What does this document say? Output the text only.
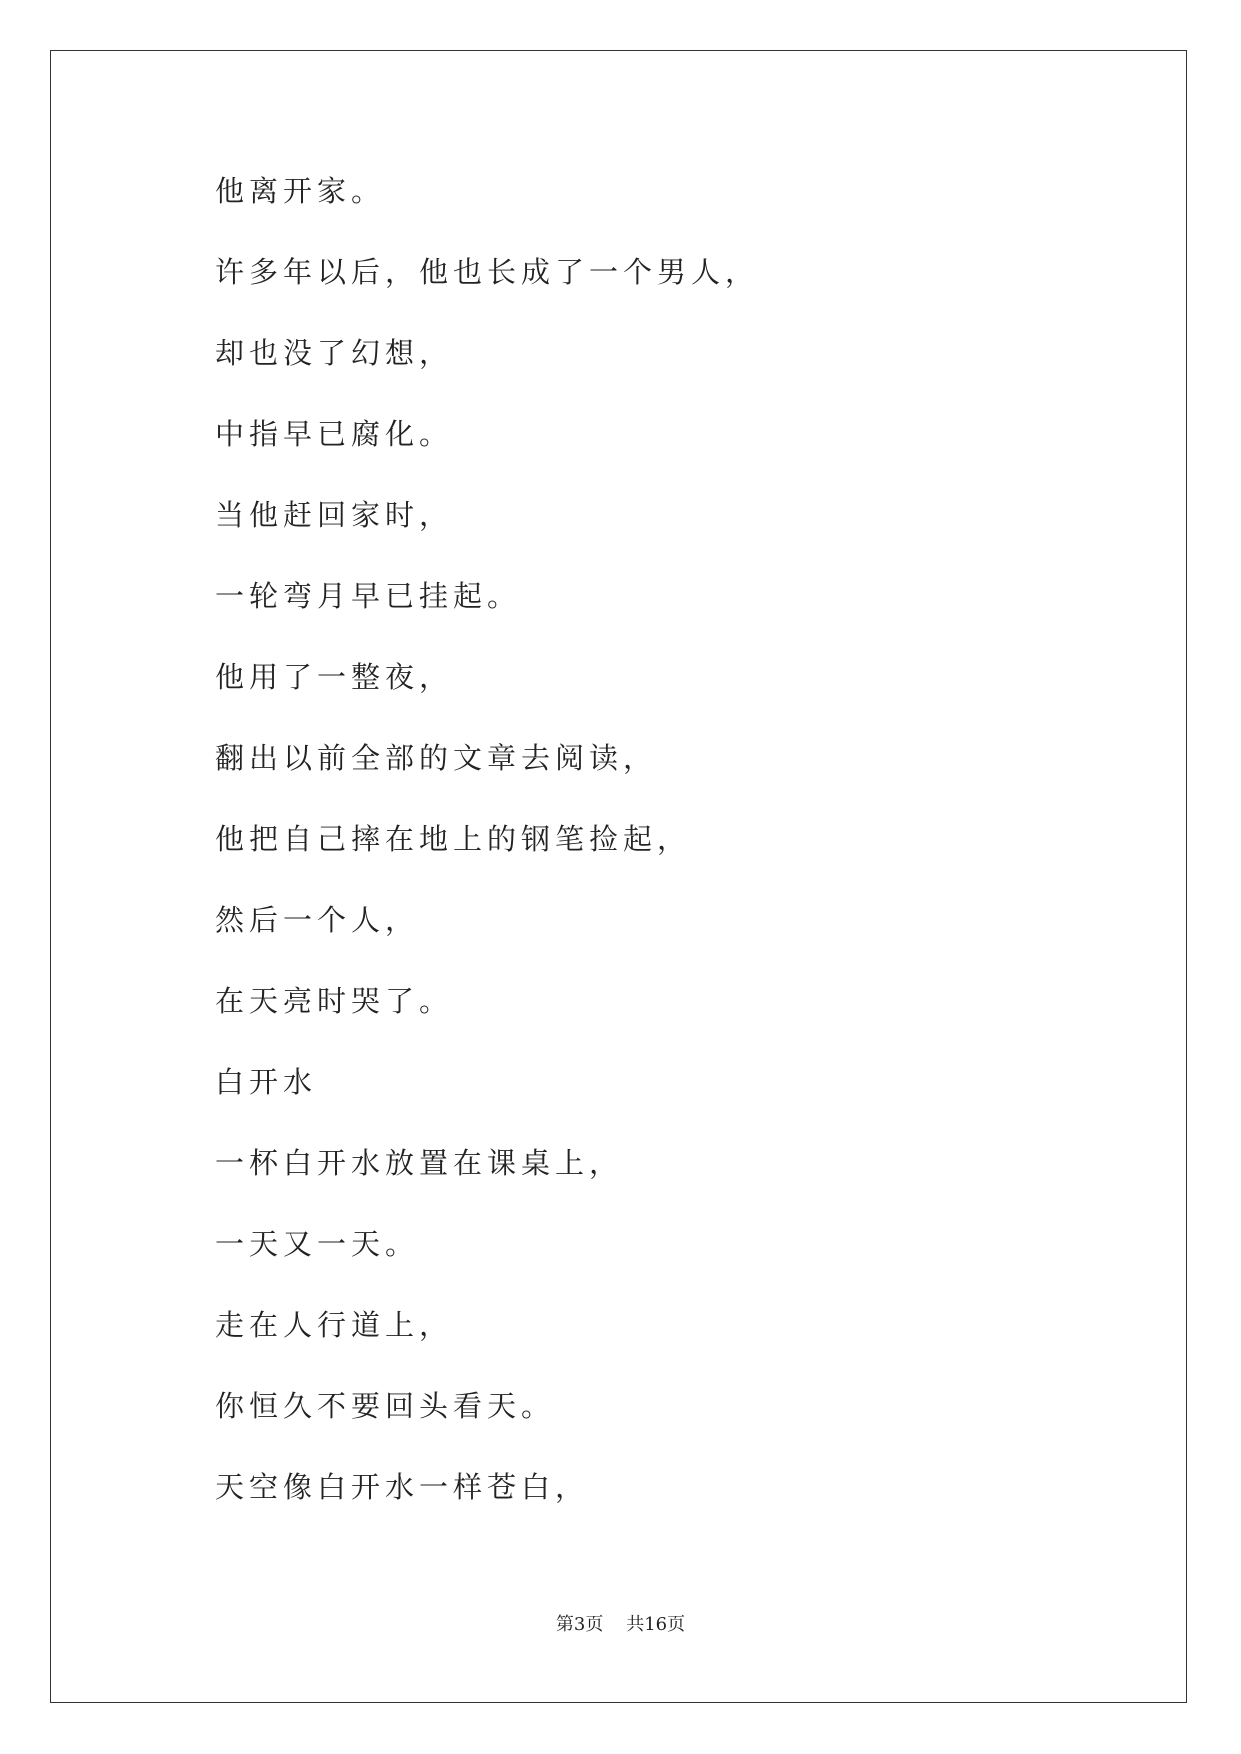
他离开家。
许多年以后，他也长成了一个男人，
却也没了幻想，
中指早已腐化。
当他赶回家时，
一轮弯月早已挂起。
他用了一整夜，
翻出以前全部的文章去阅读，
他把自己摔在地上的钢笔捡起，
然后一个人，
在天亮时哭了。
白开水
一杯白开水放置在课桌上，
一天又一天。
走在人行道上，
你恒久不要回头看天。
天空像白开水一样苍白，
第3页 共16页
